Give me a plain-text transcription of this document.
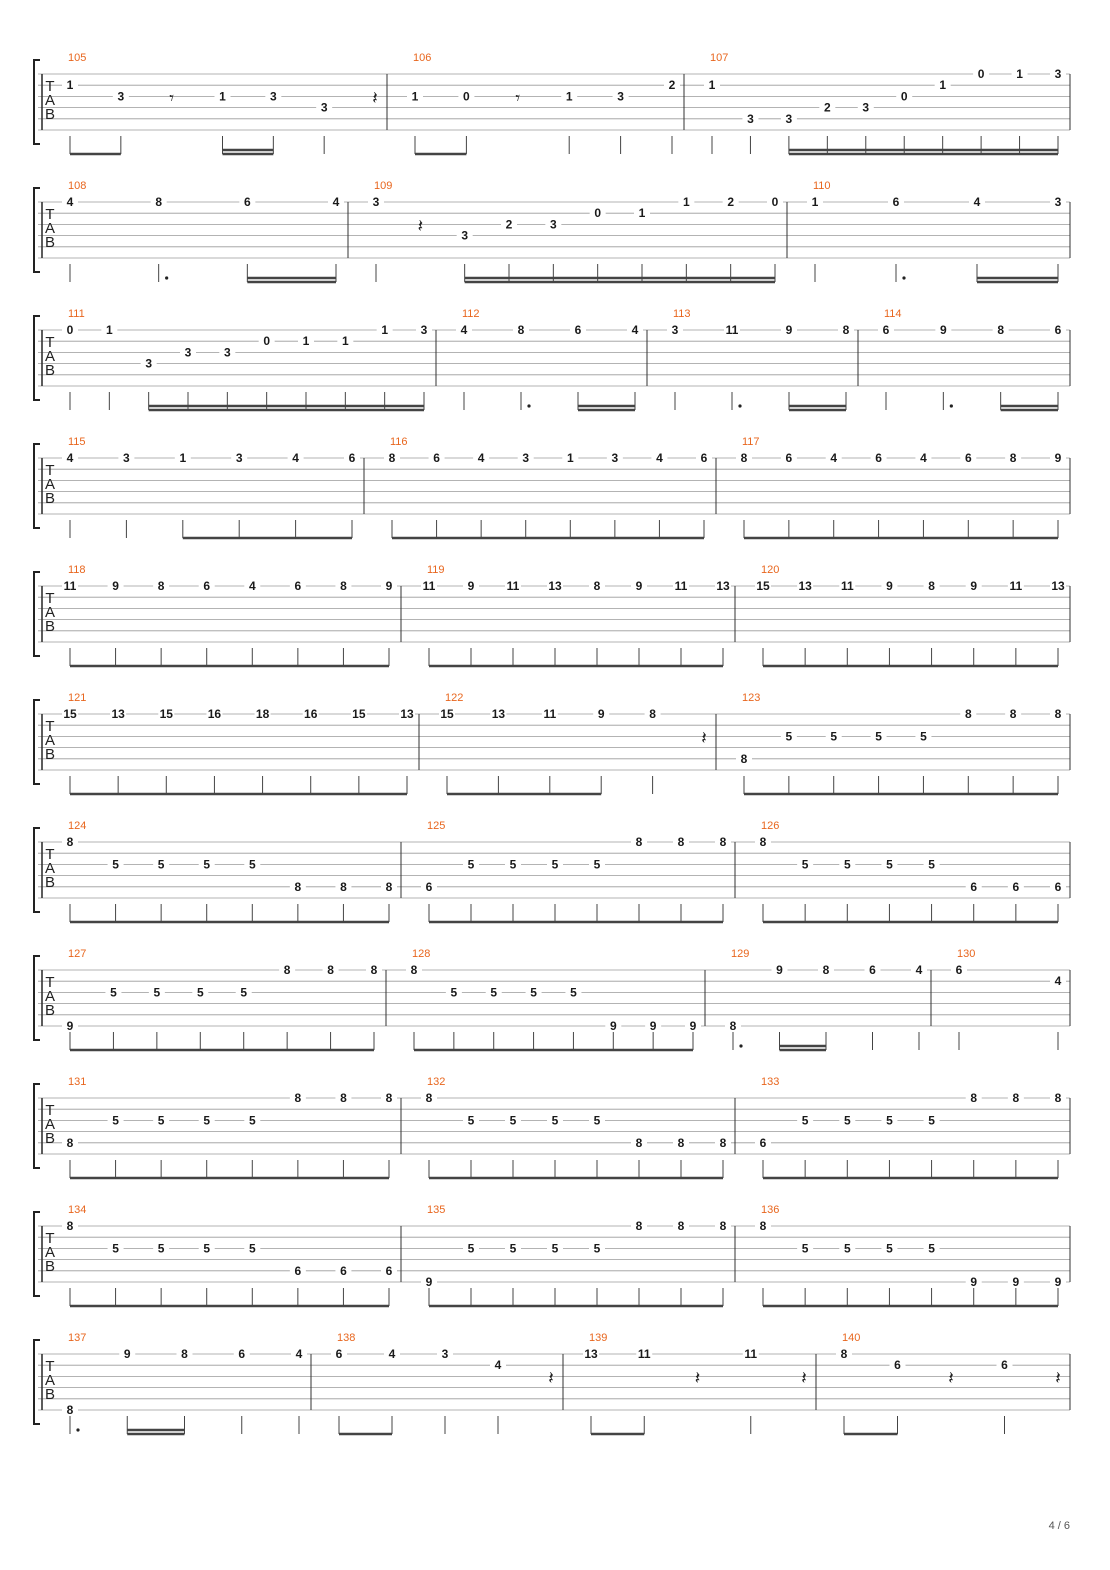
T
A
B
105
1
3	𝄾	1	3
3 𝄽
106
1	0	𝄾	1	3
2
107
1
3	3
2	3
0
1
0	1	3
T
A
B
108
4	8	6	4
109
3
𝄽	3
2	3
0	1
1	2	0
110
1	6	4	3
T
A
B
111
0	1
3
3	3
0	1	1
1	3
112
4	8	6	4
113
3	11	9	8
114
6	9	8	6
T
A
B
115
4	3	1	3	4	6
116
8	6	4	3	1	3	4	6
117
8	6	4	6	4	6	8	9
T
A
B
118
11	9	8	6	4	6	8	9
119
11	9	11 13	8	9	11 13
120
15 13 11	9	8	9	11 13
T
A
B
121
15	13	15	16	18	16	15	13
122
15	13	11	9	8
𝄽
123
8
5	5	5	5
8	8	8
T
A
B
124
8
5	5	5	5
8	8	8
125
6
5	5	5	5
8	8	8
126
8
5	5	5	5
6	6	6
T
A
B
127
9
5	5	5	5
8	8	8
128
8
5	5	5	5
9	9	9
129
8
9	8	6	4
130
6
4
T
A
B
131
8
5	5	5	5
8	8	8
132
8
5	5	5	5
8	8	8
133
6
5	5	5	5
8	8	8
T
A
B
134
8
5	5	5	5
6	6	6
135
9
5	5	5	5
8	8	8
136
8
5	5	5	5
9	9	9
T
A
B
137
8
9	8	6	4
138
6	4	3
4
𝄽
139
13	11
𝄽
11
𝄽
140
8
6
𝄽
6
𝄽
4 / 6
